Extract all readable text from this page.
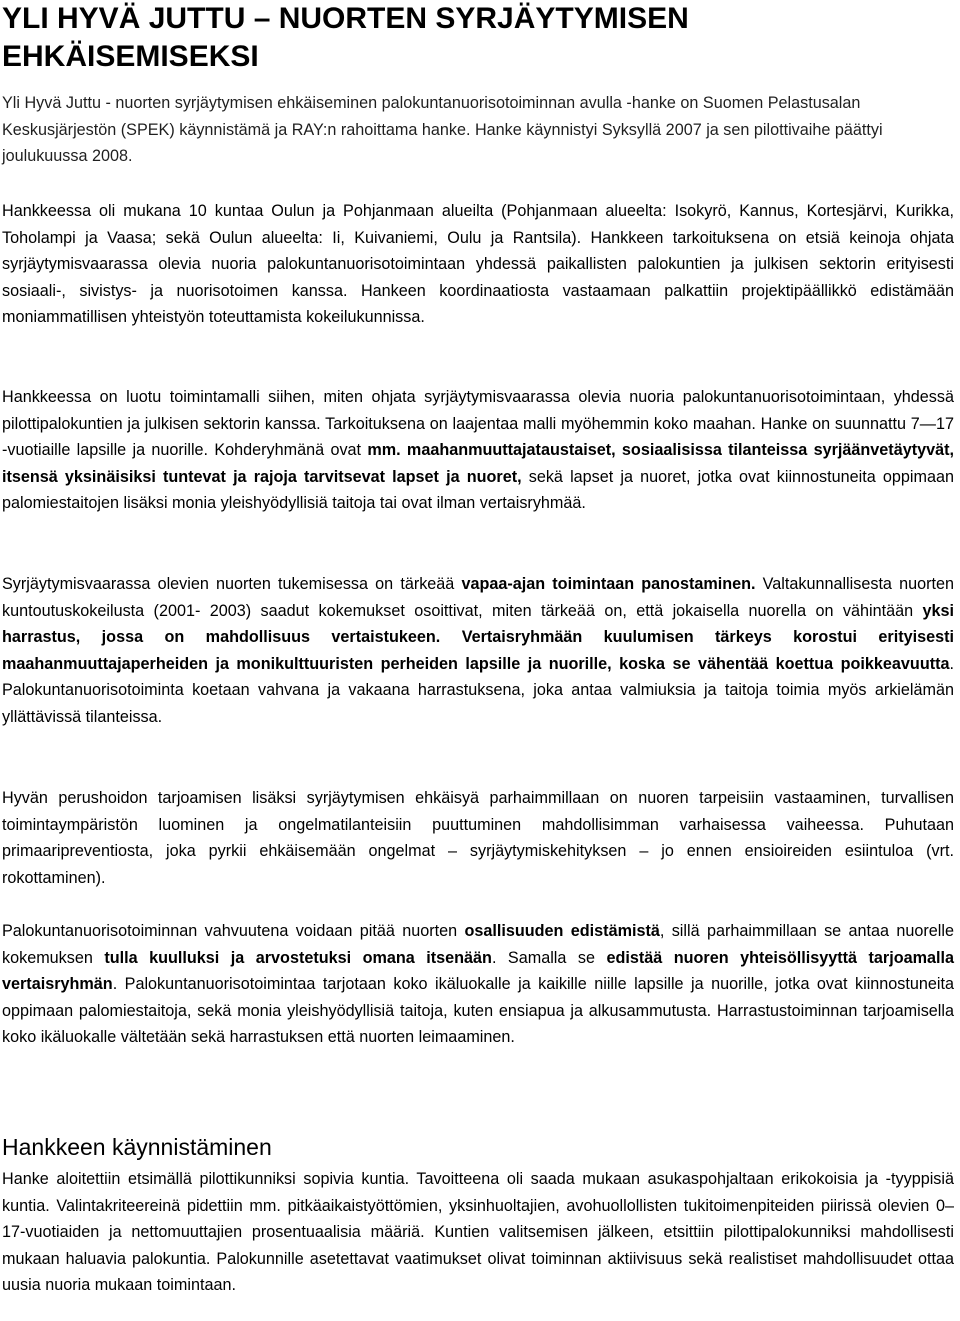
YLI HYVÄ JUTTU – NUORTEN SYRJÄYTYMISEN EHKÄISEMISEKSI

Yli Hyvä Juttu - nuorten syrjäytymisen ehkäiseminen palokuntanuorisotoiminnan avulla -hanke on Suomen Pelastusalan Keskusjärjestön (SPEK) käynnistämä ja RAY:n rahoittama hanke. Hanke käynnistyi Syksyllä 2007 ja sen pilottivaihe päättyi joulukuussa 2008.

Hankkeessa oli mukana 10 kuntaa Oulun ja Pohjanmaan alueilta (Pohjanmaan alueelta: Isokyrö, Kannus, Kortesjärvi, Kurikka, Toholampi ja Vaasa; sekä Oulun alueelta: Ii, Kuivaniemi, Oulu ja Rantsila). Hankkeen tarkoituksena on etsiä keinoja ohjata syrjäytymisvaarassa olevia nuoria palokuntanuorisotoimintaan yhdessä paikallisten palokuntien ja julkisen sektorin erityisesti sosiaali-, sivistys- ja nuorisotoimen kanssa. Hankeen koordinaatiosta vastaamaan palkattiin projektipäällikkö edistämään moniammatillisen yhteistyön toteuttamista kokeilukunnissa.

Hankkeessa on luotu toimintamalli siihen, miten ohjata syrjäytymisvaarassa olevia nuoria palokuntanuorisotoimintaan, yhdessä pilottipalokuntien ja julkisen sektorin kanssa. Tarkoituksena on laajentaa malli myöhemmin koko maahan. Hanke on suunnattu 7—17 -vuotiaille lapsille ja nuorille. Kohderyhmänä ovat mm. maahanmuuttajataustaiset, sosiaalisissa tilanteissa syrjäänvetäytyvät, itsensä yksinäisiksi tuntevat ja rajoja tarvitsevat lapset ja nuoret, sekä lapset ja nuoret, jotka ovat kiinnostuneita oppimaan palomiestaitojen lisäksi monia yleishyödyllisiä taitoja tai ovat ilman vertaisryhmää.

Syrjäytymisvaarassa olevien nuorten tukemisessa on tärkeää vapaa-ajan toimintaan panostaminen. Valtakunnallisesta nuorten kuntoutuskokeilusta (2001- 2003) saadut kokemukset osoittivat, miten tärkeää on, että jokaisella nuorella on vähintään yksi harrastus, jossa on mahdollisuus vertaistukeen. Vertaisryhmään kuulumisen tärkeys korostui erityisesti maahanmuuttajaperheiden ja monikulttuuristen perheiden lapsille ja nuorille, koska se vähentää koettua poikkeavuutta. Palokuntanuorisotoiminta koetaan vahvana ja vakaana harrastuksena, joka antaa valmiuksia ja taitoja toimia myös arkielämän yllättävissä tilanteissa.

Hyvän perushoidon tarjoamisen lisäksi syrjäytymisen ehkäisyä parhaimmillaan on nuoren tarpeisiin vastaaminen, turvallisen toimintaympäristön luominen ja ongelmatilanteisiin puuttuminen mahdollisimman varhaisessa vaiheessa. Puhutaan primaaripreventiosta, joka pyrkii ehkäisemään ongelmat – syrjäytymiskehityksen – jo ennen ensioireiden esiintuloa (vrt. rokottaminen).

Palokuntanuorisotoiminnan vahvuutena voidaan pitää nuorten osallisuuden edistämistä, sillä parhaimmillaan se antaa nuorelle kokemuksen tulla kuulluksi ja arvostetuksi omana itsenään. Samalla se edistää nuoren yhteisöllisyyttä tarjoamalla vertaisryhmän. Palokuntanuorisotoimintaa tarjotaan koko ikäluokalle ja kaikille niille lapsille ja nuorille, jotka ovat kiinnostuneita oppimaan palomiestaitoja, sekä monia yleishyödyllisiä taitoja, kuten ensiapua ja alkusammutusta. Harrastustoiminnan tarjoamisella koko ikäluokalle vältetään sekä harrastuksen että nuorten leimaaminen.

Hankkeen käynnistäminen

Hanke aloitettiin etsimällä pilottikunniksi sopivia kuntia. Tavoitteena oli saada mukaan asukaspohjaltaan erikokoisia ja -tyyppisiä kuntia. Valintakriteereinä pidettiin mm. pitkäaikaistyöttömien, yksinhuoltajien, avohuollollisten tukitoimenpiteiden piirissä olevien 0–17-vuotiaiden ja nettomuuttajien prosentuaalisia määriä. Kuntien valitsemisen jälkeen, etsittiin pilottipalokunniksi mahdollisesti mukaan haluavia palokuntia. Palokunnille asetettavat vaatimukset olivat toiminnan aktiivisuus sekä realistiset mahdollisuudet ottaa uusia nuoria mukaan toimintaan.
